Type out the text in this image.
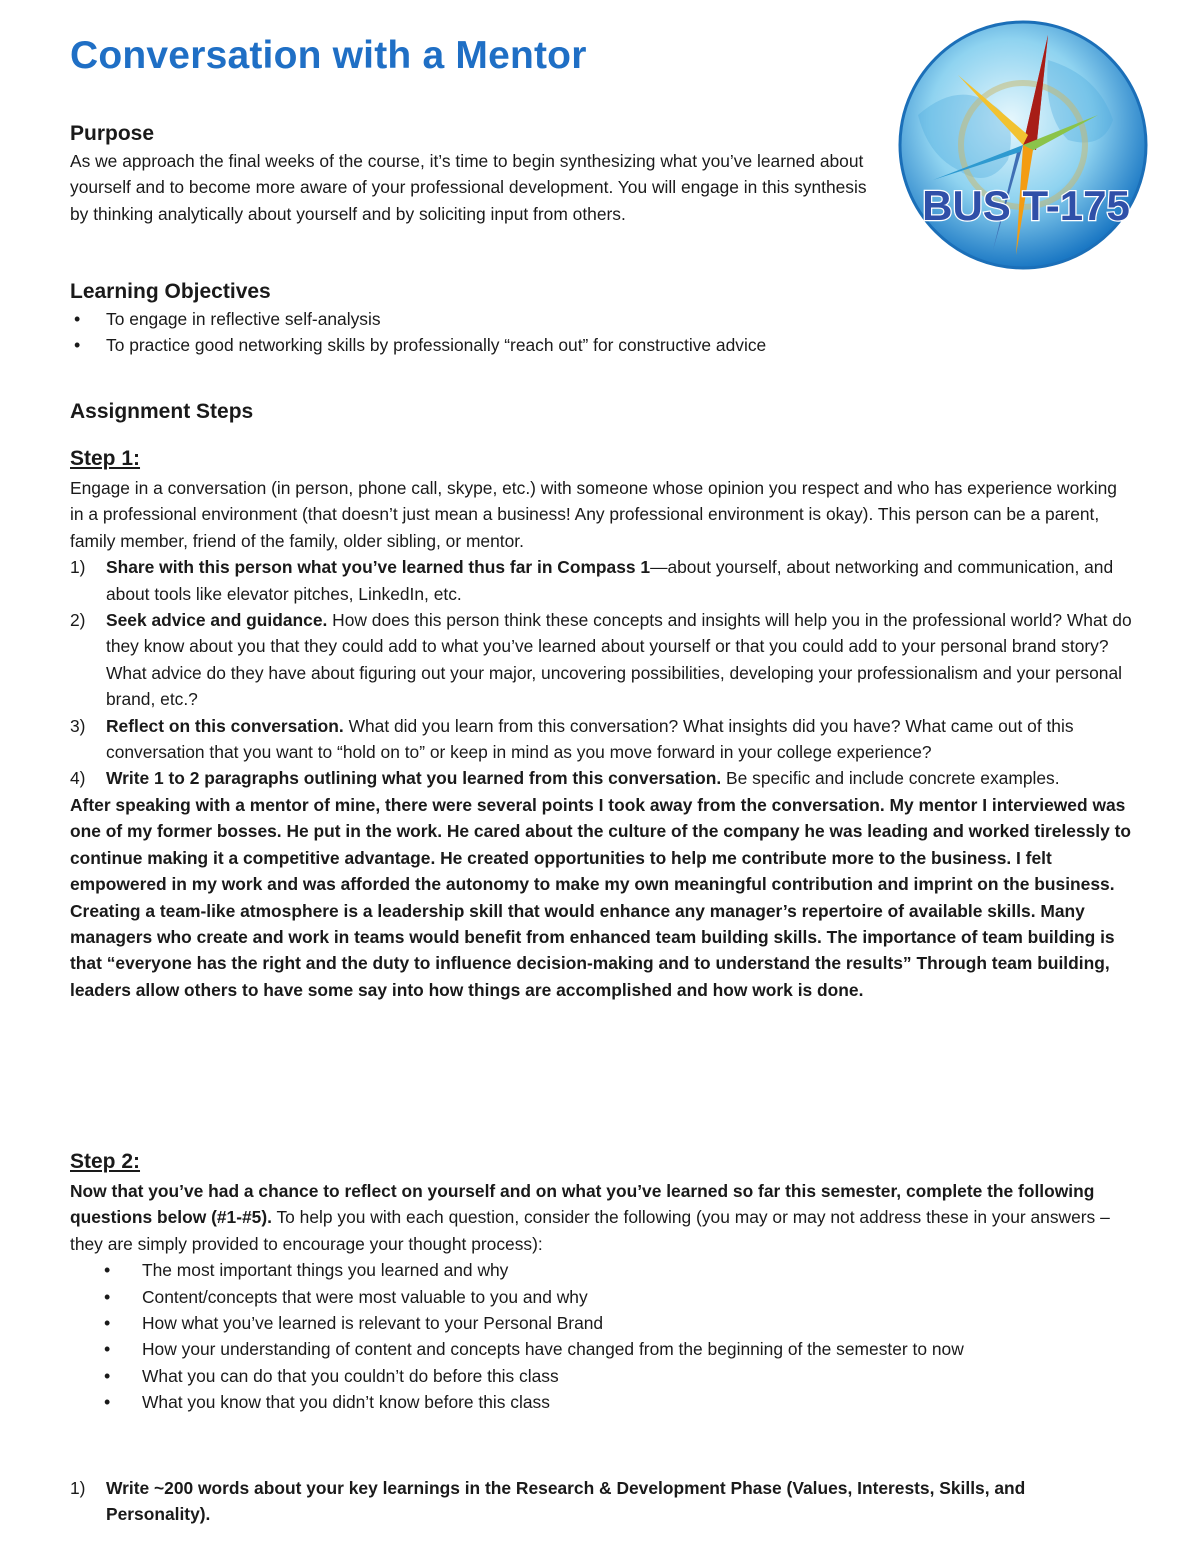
Conversation with a Mentor
BUS T-175
Purpose
As we approach the final weeks of the course, it’s time to begin synthesizing what you’ve learned about yourself and to become more aware of your professional development. You will engage in this synthesis by thinking analytically about yourself and by soliciting input from others.
Learning Objectives
• To engage in reflective self-analysis
• To practice good networking skills by professionally “reach out” for constructive advice
Assignment Steps
Step 1:
Engage in a conversation (in person, phone call, skype, etc.) with someone whose opinion you respect and who has experience working in a professional environment (that doesn’t just mean a business! Any professional environment is okay). This person can be a parent, family member, friend of the family, older sibling, or mentor.
1) Share with this person what you’ve learned thus far in Compass 1—about yourself, about networking and communication, and about tools like elevator pitches, LinkedIn, etc.
2) Seek advice and guidance. How does this person think these concepts and insights will help you in the professional world? What do they know about you that they could add to what you’ve learned about yourself or that you could add to your personal brand story? What advice do they have about figuring out your major, uncovering possibilities, developing your professionalism and your personal brand, etc.?
3) Reflect on this conversation. What did you learn from this conversation? What insights did you have? What came out of this conversation that you want to “hold on to” or keep in mind as you move forward in your college experience?
4) Write 1 to 2 paragraphs outlining what you learned from this conversation. Be specific and include concrete examples.
After speaking with a mentor of mine, there were several points I took away from the conversation. My mentor I interviewed was one of my former bosses. He put in the work. He cared about the culture of the company he was leading and worked tirelessly to continue making it a competitive advantage. He created opportunities to help me contribute more to the business. I felt empowered in my work and was afforded the autonomy to make my own meaningful contribution and imprint on the business. Creating a team-like atmosphere is a leadership skill that would enhance any manager’s repertoire of available skills. Many managers who create and work in teams would benefit from enhanced team building skills. The importance of team building is that “everyone has the right and the duty to influence decision-making and to understand the results” Through team building, leaders allow others to have some say into how things are accomplished and how work is done.
Step 2:
Now that you’ve had a chance to reflect on yourself and on what you’ve learned so far this semester, complete the following questions below (#1-#5). To help you with each question, consider the following (you may or may not address these in your answers – they are simply provided to encourage your thought process):
• The most important things you learned and why
• Content/concepts that were most valuable to you and why
• How what you’ve learned is relevant to your Personal Brand
• How your understanding of content and concepts have changed from the beginning of the semester to now
• What you can do that you couldn’t do before this class
• What you know that you didn’t know before this class
1) Write ~200 words about your key learnings in the Research & Development Phase (Values, Interests, Skills, and Personality).
